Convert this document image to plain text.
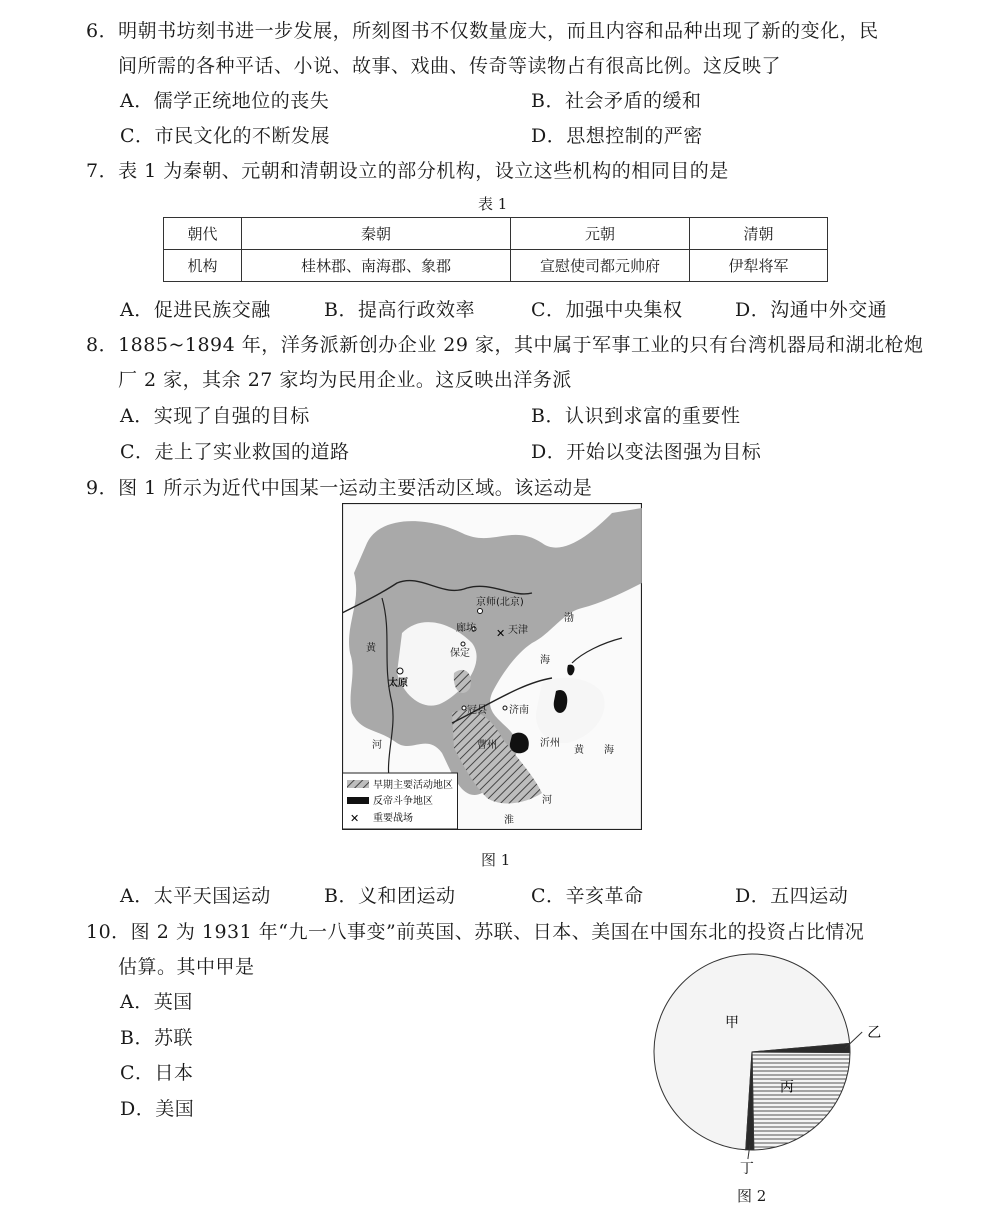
6．明朝书坊刻书进一步发展，所刻图书不仅数量庞大，而且内容和品种出现了新的变化，民
间所需的各种平话、小说、故事、戏曲、传奇等读物占有很高比例。这反映了
A．儒学正统地位的丧失	B．社会矛盾的缓和
C．市民文化的不断发展	D．思想控制的严密
7．表 1 为秦朝、元朝和清朝设立的部分机构，设立这些机构的相同目的是
表 1
朝代	秦朝	元朝	清朝
机构	桂林郡、南海郡、象郡	宣慰使司都元帅府	伊犁将军
A．促进民族交融	B．提高行政效率	C．加强中央集权	D．沟通中外交通
8．1885~1894 年，洋务派新创办企业 29 家，其中属于军事工业的只有台湾机器局和湖北枪炮
厂 2 家，其余 27 家均为民用企业。这反映出洋务派
A．实现了自强的目标	B．认识到求富的重要性
C．走上了实业救国的道路	D．开始以变法图强为目标
9．图 1 所示为近代中国某一运动主要活动区域。该运动是
✕
早期主要活动地区
反帝斗争地区
重要战场
京师(北京)
廊坊 ✕ 天津
保定
太原
冠县 济南
曹州	沂州
黄
河
渤
海
黄 海
河
淮
图 1
A．太平天国运动	B．义和团运动	C．辛亥革命	D．五四运动
10．图 2 为 1931 年“九一八事变”前英国、苏联、日本、美国在中国东北的投资占比情况
估算。其中甲是
A．英国
B．苏联
C．日本
D．美国
甲
丙
乙
丁
图 2
